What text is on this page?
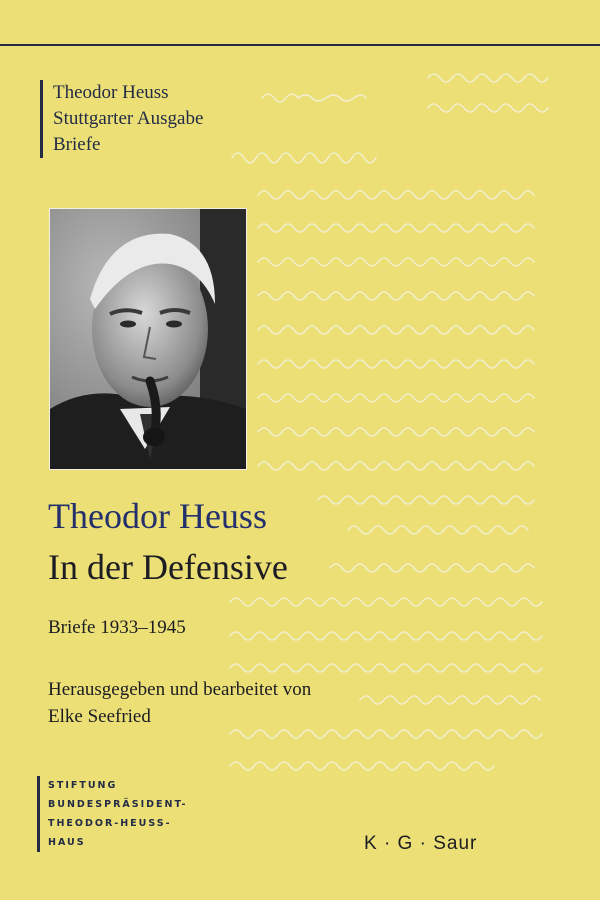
Theodor Heuss
Stuttgarter Ausgabe
Briefe
Theodor Heuss
In der Defensive
Briefe 1933–1945
Herausgegeben und bearbeitet von
Elke Seefried
STIFTUNG
BUNDESPRÄSIDENT-
THEODOR-HEUSS-
HAUS	K · G · Saur
